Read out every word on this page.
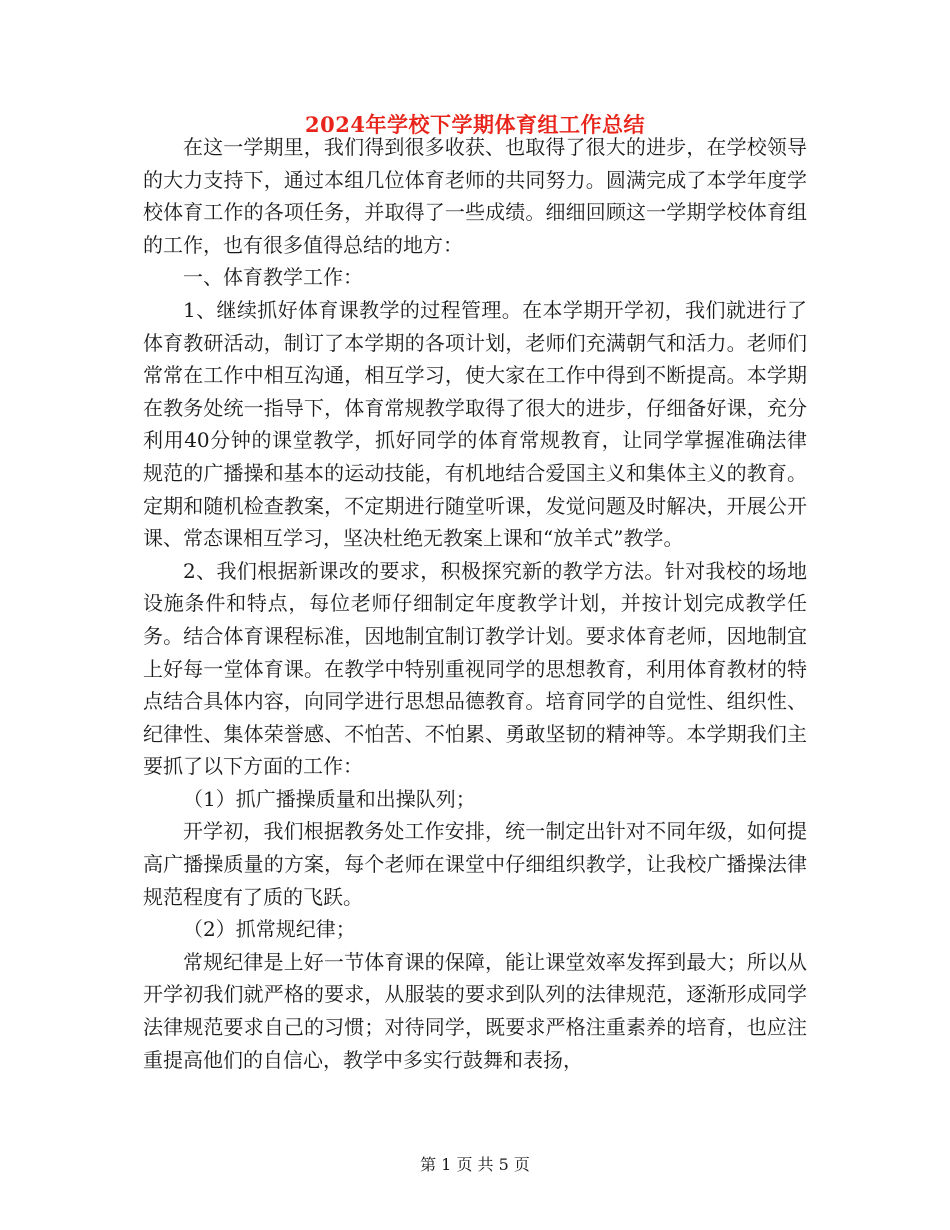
2024年学校下学期体育组工作总结

在这一学期里，我们得到很多收获、也取得了很大的进步，在学校领导的大力支持下，通过本组几位体育老师的共同努力。圆满完成了本学年度学校体育工作的各项任务，并取得了一些成绩。细细回顾这一学期学校体育组的工作，也有很多值得总结的地方：

一、体育教学工作：

1、继续抓好体育课教学的过程管理。在本学期开学初，我们就进行了体育教研活动，制订了本学期的各项计划，老师们充满朝气和活力。老师们常常在工作中相互沟通，相互学习，使大家在工作中得到不断提高。本学期在教务处统一指导下，体育常规教学取得了很大的进步，仔细备好课，充分利用40分钟的课堂教学，抓好同学的体育常规教育，让同学掌握准确法律规范的广播操和基本的运动技能，有机地结合爱国主义和集体主义的教育。定期和随机检查教案，不定期进行随堂听课，发觉问题及时解决，开展公开课、常态课相互学习，坚决杜绝无教案上课和“放羊式”教学。

2、我们根据新课改的要求，积极探究新的教学方法。针对我校的场地设施条件和特点，每位老师仔细制定年度教学计划，并按计划完成教学任务。结合体育课程标准，因地制宜制订教学计划。要求体育老师，因地制宜上好每一堂体育课。在教学中特别重视同学的思想教育，利用体育教材的特点结合具体内容，向同学进行思想品德教育。培育同学的自觉性、组织性、纪律性、集体荣誉感、不怕苦、不怕累、勇敢坚韧的精神等。本学期我们主要抓了以下方面的工作：

（1）抓广播操质量和出操队列；

开学初，我们根据教务处工作安排，统一制定出针对不同年级，如何提高广播操质量的方案，每个老师在课堂中仔细组织教学，让我校广播操法律规范程度有了质的飞跃。

（2）抓常规纪律；

常规纪律是上好一节体育课的保障，能让课堂效率发挥到最大；所以从开学初我们就严格的要求，从服装的要求到队列的法律规范，逐渐形成同学法律规范要求自己的习惯；对待同学，既要求严格注重素养的培育，也应注重提高他们的自信心，教学中多实行鼓舞和表扬，

第 1 页 共 5 页
